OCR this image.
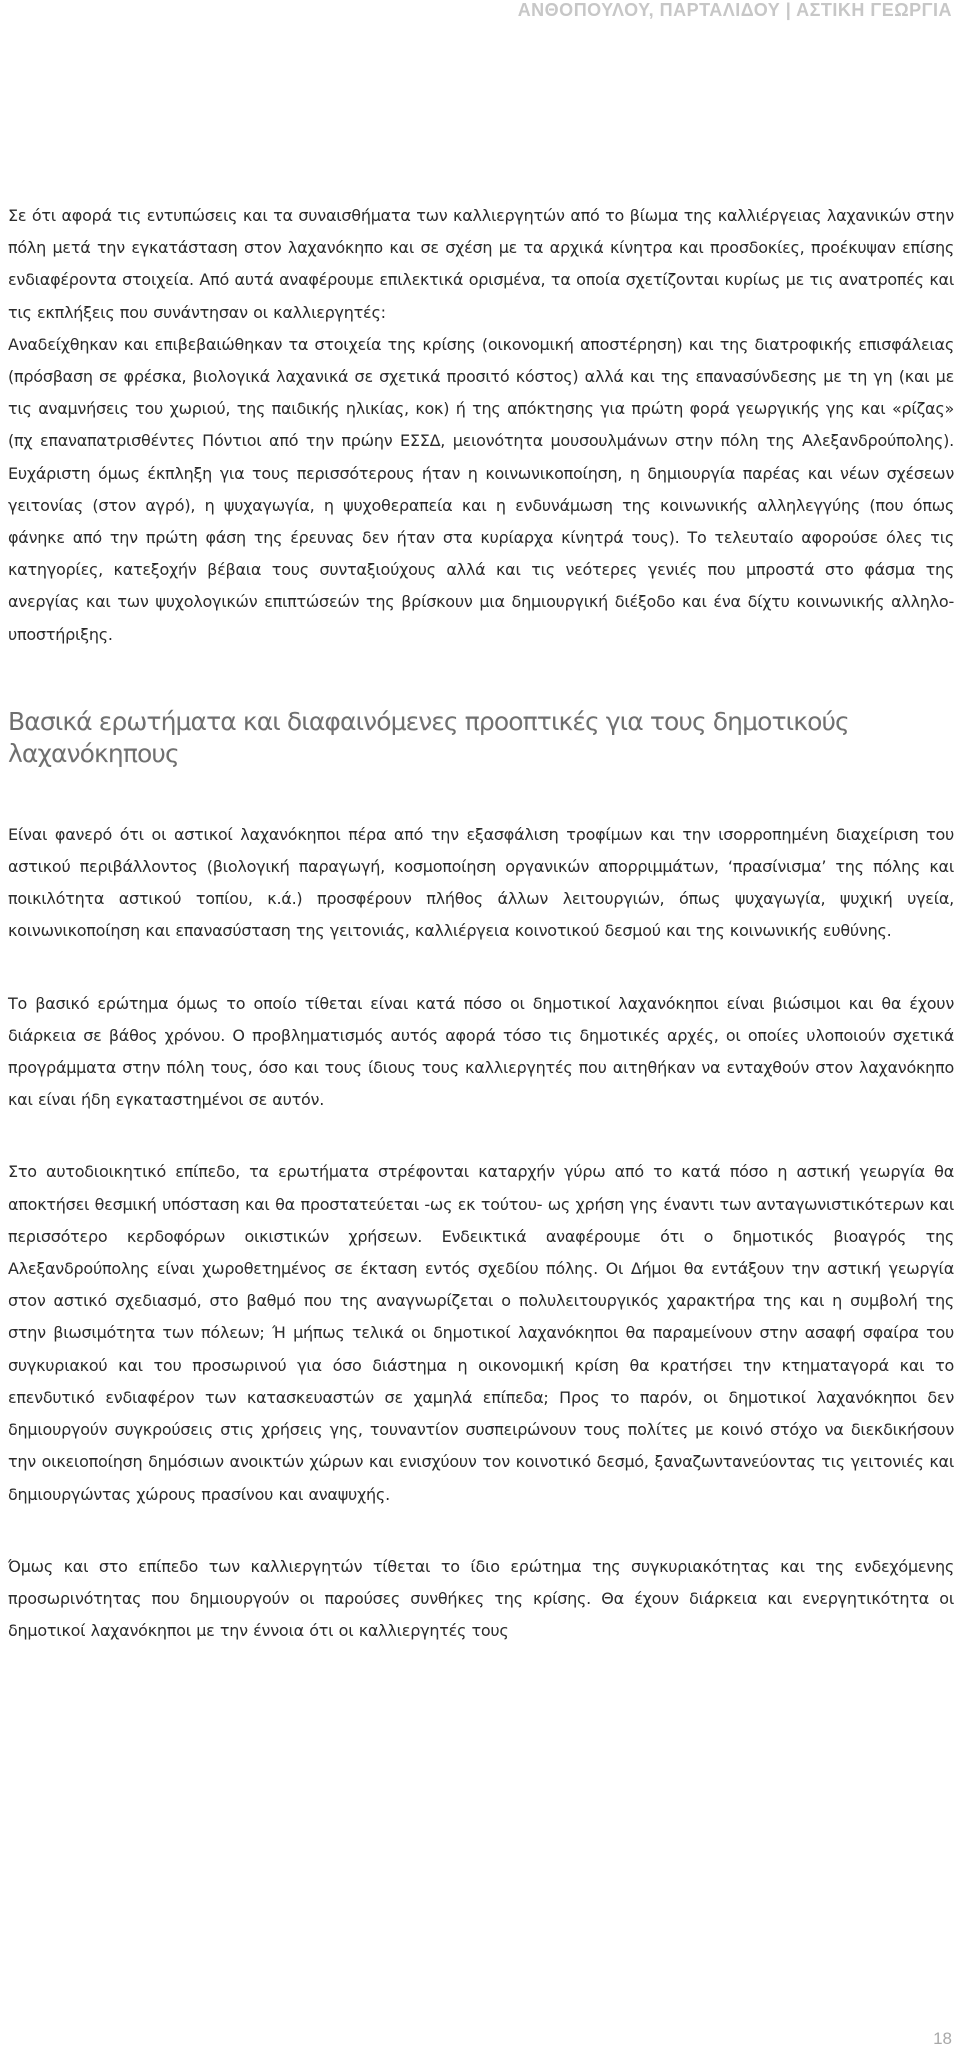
ΑΝΘΟΠΟΥΛΟΥ, ΠΑΡΤΑΛΙΔΟΥ | ΑΣΤΙΚΗ ΓΕΩΡΓΙΑ

Σε ότι αφορά τις εντυπώσεις και τα συναισθήματα των καλλιεργητών από το βίωμα της καλλιέργειας λαχανικών στην πόλη μετά την εγκατάσταση στον λαχανόκηπο και σε σχέση με τα αρχικά κίνητρα και προσδοκίες, προέκυψαν επίσης ενδιαφέροντα στοιχεία. Από αυτά αναφέρουμε επιλεκτικά ορισμένα, τα οποία σχετίζονται κυρίως με τις ανατροπές και τις εκπλήξεις που συνάντησαν οι καλλιεργητές:

Αναδείχθηκαν και επιβεβαιώθηκαν τα στοιχεία της κρίσης (οικονομική αποστέρηση) και της διατροφικής επισφάλειας (πρόσβαση σε φρέσκα, βιολογικά λαχανικά σε σχετικά προσιτό κόστος) αλλά και της επανασύνδεσης με τη γη (και με τις αναμνήσεις του χωριού, της παιδικής ηλικίας, κοκ) ή της απόκτησης για πρώτη φορά γεωργικής γης και «ρίζας» (πχ επαναπατρισθέντες Πόντιοι από την πρώην ΕΣΣΔ, μειονότητα μουσουλμάνων στην πόλη της Αλεξανδρούπολης). Ευχάριστη όμως έκπληξη για τους περισσότερους ήταν η κοινωνικοποίηση, η δημιουργία παρέας και νέων σχέσεων γειτονίας (στον αγρό), η ψυχαγωγία, η ψυχοθεραπεία και η ενδυνάμωση της κοινωνικής αλληλεγγύης (που όπως φάνηκε από την πρώτη φάση της έρευνας δεν ήταν στα κυρίαρχα κίνητρά τους). Το τελευταίο αφορούσε όλες τις κατηγορίες, κατεξοχήν βέβαια τους συνταξιούχους αλλά και τις νεότερες γενιές που μπροστά στο φάσμα της ανεργίας και των ψυχολογικών επιπτώσεών της βρίσκουν μια δημιουργική διέξοδο και ένα δίχτυ κοινωνικής αλληλο-υποστήριξης.

Βασικά ερωτήματα και διαφαινόμενες προοπτικές για τους δημοτικούς λαχανόκηπους

Είναι φανερό ότι οι αστικοί λαχανόκηποι πέρα από την εξασφάλιση τροφίμων και την ισορροπημένη διαχείριση του αστικού περιβάλλοντος (βιολογική παραγωγή, κοσμοποίηση οργανικών απορριμμάτων, ‘πρασίνισμα’ της πόλης και ποικιλότητα αστικού τοπίου, κ.ά.) προσφέρουν πλήθος άλλων λειτουργιών, όπως ψυχαγωγία, ψυχική υγεία, κοινωνικοποίηση και επανασύσταση της γειτονιάς, καλλιέργεια κοινοτικού δεσμού και της κοινωνικής ευθύνης.

Το βασικό ερώτημα όμως το οποίο τίθεται είναι κατά πόσο οι δημοτικοί λαχανόκηποι είναι βιώσιμοι και θα έχουν διάρκεια σε βάθος χρόνου. Ο προβληματισμός αυτός αφορά τόσο τις δημοτικές αρχές, οι οποίες υλοποιούν σχετικά προγράμματα στην πόλη τους, όσο και τους ίδιους τους καλλιεργητές που αιτηθήκαν να ενταχθούν στον λαχανόκηπο και είναι ήδη εγκαταστημένοι σε αυτόν.

Στο αυτοδιοικητικό επίπεδο, τα ερωτήματα στρέφονται καταρχήν γύρω από το κατά πόσο η αστική γεωργία θα αποκτήσει θεσμική υπόσταση και θα προστατεύεται -ως εκ τούτου- ως χρήση γης έναντι των ανταγωνιστικότερων και περισσότερο κερδοφόρων οικιστικών χρήσεων. Ενδεικτικά αναφέρουμε ότι ο δημοτικός βιοαγρός της Αλεξανδρούπολης είναι χωροθετημένος σε έκταση εντός σχεδίου πόλης. Οι Δήμοι θα εντάξουν την αστική γεωργία στον αστικό σχεδιασμό, στο βαθμό που της αναγνωρίζεται ο πολυλειτουργικός χαρακτήρα της και η συμβολή της στην βιωσιμότητα των πόλεων; Ή μήπως τελικά οι δημοτικοί λαχανόκηποι θα παραμείνουν στην ασαφή σφαίρα του συγκυριακού και του προσωρινού για όσο διάστημα η οικονομική κρίση θα κρατήσει την κτηματαγορά και το επενδυτικό ενδιαφέρον των κατασκευαστών σε χαμηλά επίπεδα; Προς το παρόν, οι δημοτικοί λαχανόκηποι δεν δημιουργούν συγκρούσεις στις χρήσεις γης, τουναντίον συσπειρώνουν τους πολίτες με κοινό στόχο να διεκδικήσουν την οικειοποίηση δημόσιων ανοικτών χώρων και ενισχύουν τον κοινοτικό δεσμό, ξαναζωντανεύοντας τις γειτονιές και δημιουργώντας χώρους πρασίνου και αναψυχής.

Όμως και στο επίπεδο των καλλιεργητών τίθεται το ίδιο ερώτημα της συγκυριακότητας και της ενδεχόμενης προσωρινότητας που δημιουργούν οι παρούσες συνθήκες της κρίσης. Θα έχουν διάρκεια και ενεργητικότητα οι δημοτικοί λαχανόκηποι με την έννοια ότι οι καλλιεργητές τους

18
